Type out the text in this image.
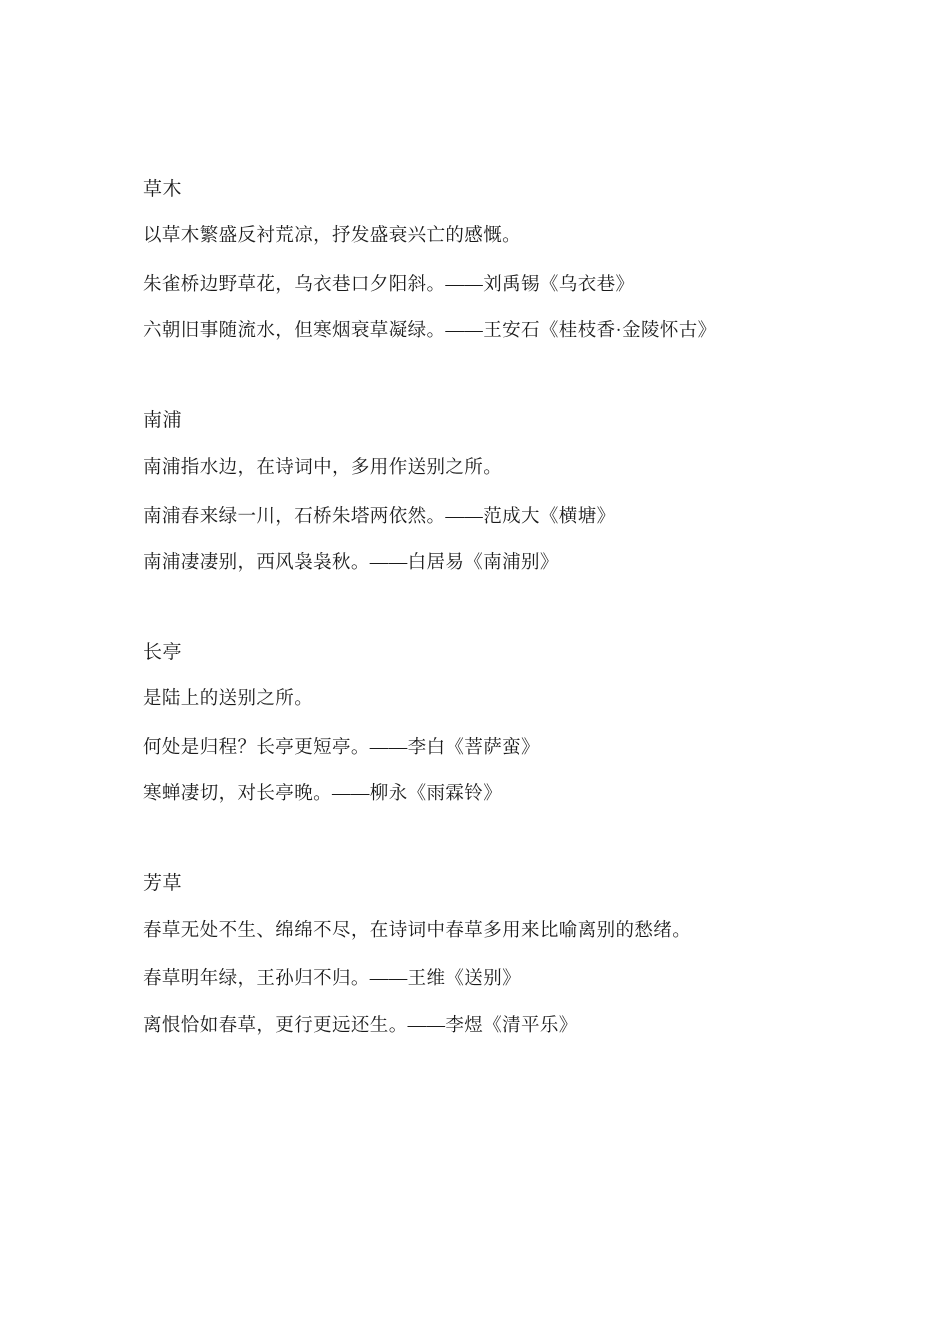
草木
以草木繁盛反衬荒凉，抒发盛衰兴亡的感慨。
朱雀桥边野草花，乌衣巷口夕阳斜。——刘禹锡《乌衣巷》
六朝旧事随流水，但寒烟衰草凝绿。——王安石《桂枝香·金陵怀古》
南浦
南浦指水边，在诗词中，多用作送别之所。
南浦春来绿一川，石桥朱塔两依然。——范成大《横塘》
南浦凄凄别，西风袅袅秋。——白居易《南浦别》
长亭
是陆上的送别之所。
何处是归程？长亭更短亭。——李白《菩萨蛮》
寒蝉凄切，对长亭晚。——柳永《雨霖铃》
芳草
春草无处不生、绵绵不尽，在诗词中春草多用来比喻离别的愁绪。
春草明年绿，王孙归不归。——王维《送别》
离恨恰如春草，更行更远还生。——李煜《清平乐》
